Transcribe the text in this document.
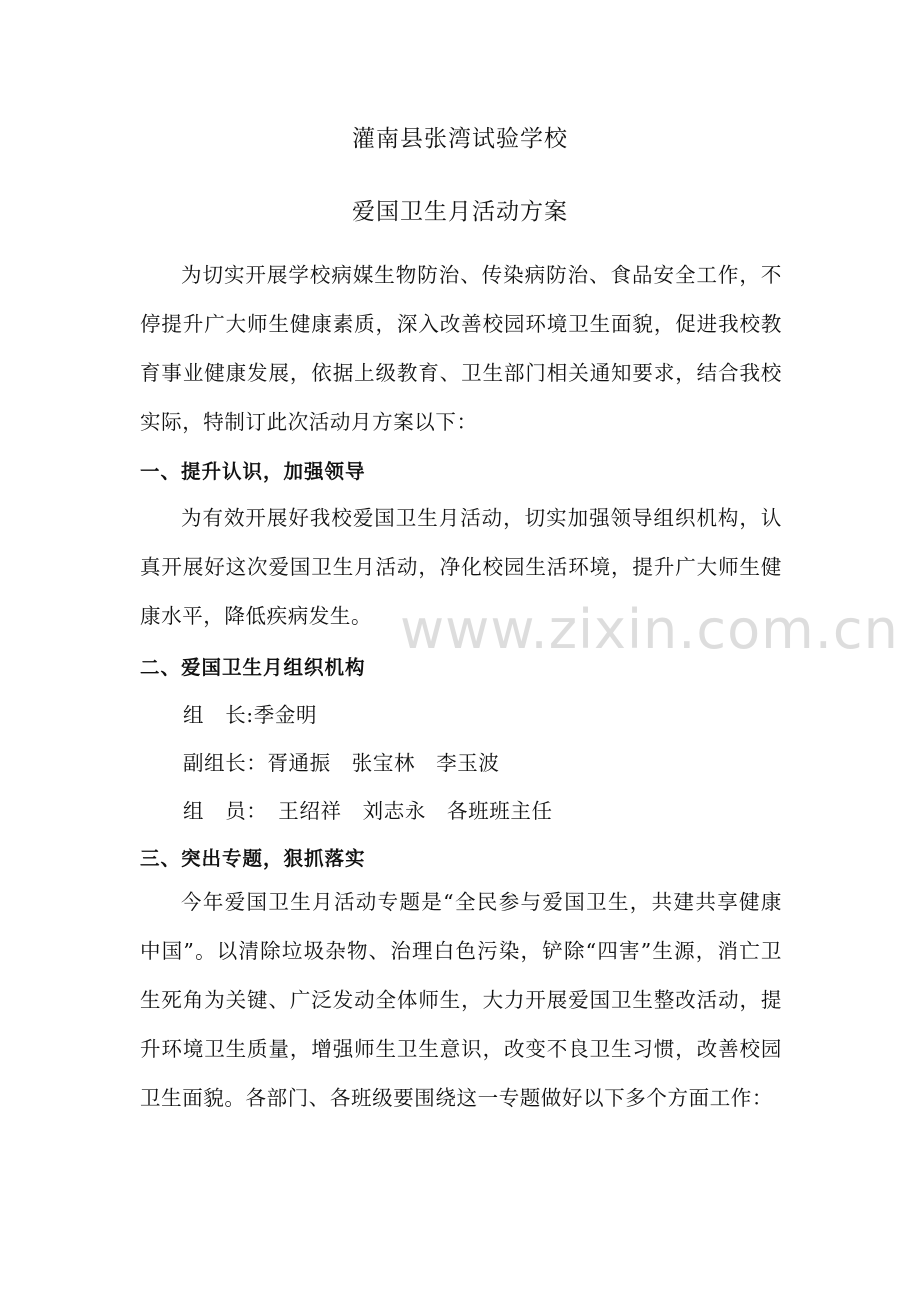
灌南县张湾试验学校
爱国卫生月活动方案
为切实开展学校病媒生物防治、传染病防治、食品安全工作，不停提升广大师生健康素质，深入改善校园环境卫生面貌，促进我校教育事业健康发展，依据上级教育、卫生部门相关通知要求，结合我校实际，特制订此次活动月方案以下：
一、提升认识，加强领导
为有效开展好我校爱国卫生月活动，切实加强领导组织机构，认真开展好这次爱国卫生月活动，净化校园生活环境，提升广大师生健康水平，降低疾病发生。
二、爱国卫生月组织机构
组　长:季金明
副组长：胥通振　张宝林　李玉波
组　员：　王绍祥　刘志永　各班班主任
三、突出专题，狠抓落实
今年爱国卫生月活动专题是“全民参与爱国卫生，共建共享健康中国”。以清除垃圾杂物、治理白色污染，铲除“四害”生源，消亡卫生死角为关键、广泛发动全体师生，大力开展爱国卫生整改活动，提升环境卫生质量，增强师生卫生意识，改变不良卫生习惯，改善校园卫生面貌。各部门、各班级要围绕这一专题做好以下多个方面工作：
www.zixin.com.cn
